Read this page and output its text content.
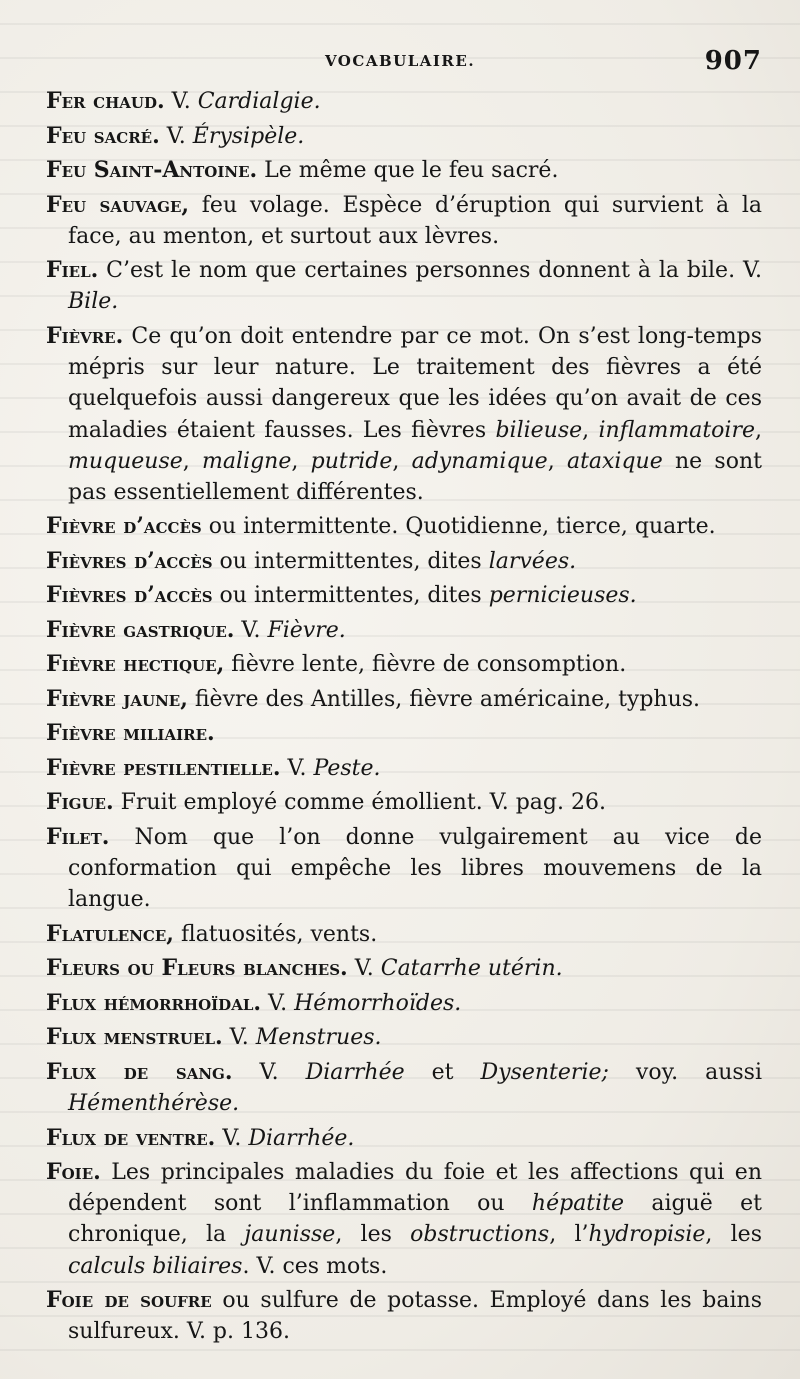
VOCABULAIRE.	907
Fer chaud. V. Cardialgie.
Feu sacré. V. Érysipèle.
Feu Saint-Antoine. Le même que le feu sacré.
Feu sauvage, feu volage. Espèce d’éruption qui survient à la face, au menton, et surtout aux lèvres.
Fiel. C’est le nom que certaines personnes donnent à la bile. V. Bile.
Fièvre. Ce qu’on doit entendre par ce mot. On s’est long-temps mépris sur leur nature. Le traitement des fièvres a été quelquefois aussi dangereux que les idées qu’on avait de ces maladies étaient fausses. Les fièvres bilieuse, inflammatoire, muqueuse, maligne, putride, adynamique, ataxique ne sont pas essentiellement différentes.
Fièvre d’accès ou intermittente. Quotidienne, tierce, quarte.
Fièvres d’accès ou intermittentes, dites larvées.
Fièvres d’accès ou intermittentes, dites pernicieuses.
Fièvre gastrique. V. Fièvre.
Fièvre hectique, fièvre lente, fièvre de consomption.
Fièvre jaune, fièvre des Antilles, fièvre américaine, typhus.
Fièvre miliaire.
Fièvre pestilentielle. V. Peste.
Figue. Fruit employé comme émollient. V. pag. 26.
Filet. Nom que l’on donne vulgairement au vice de conformation qui empêche les libres mouvemens de la langue.
Flatulence, flatuosités, vents.
Fleurs ou Fleurs blanches. V. Catarrhe utérin.
Flux hémorrhoïdal. V. Hémorrhoïdes.
Flux menstruel. V. Menstrues.
Flux de sang. V. Diarrhée et Dysenterie; voy. aussi Hémenthérèse.
Flux de ventre. V. Diarrhée.
Foie. Les principales maladies du foie et les affections qui en dépendent sont l’inflammation ou hépatite aiguë et chronique, la jaunisse, les obstructions, l’hydropisie, les calculs biliaires. V. ces mots.
Foie de soufre ou sulfure de potasse. Employé dans les bains sulfureux. V. p. 136.
